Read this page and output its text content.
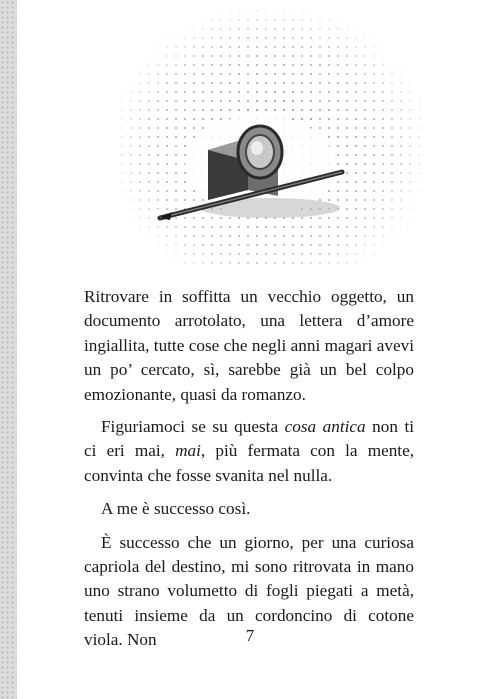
Ritrovare in soffitta un vecchio oggetto, un documento arrotolato, una lettera d’amore ingiallita, tutte cose che negli anni magari avevi un po’ cercato, sì, sarebbe già un bel colpo emozionante, quasi da romanzo.

Figuriamoci se su questa cosa antica non ti ci eri mai, mai, più fermata con la mente, convinta che fosse svanita nel nulla.

A me è successo così.

È successo che un giorno, per una curiosa capriola del destino, mi sono ritrovata in mano uno strano volumetto di fogli piegati a metà, tenuti insieme da un cordoncino di cotone viola. Non	7
